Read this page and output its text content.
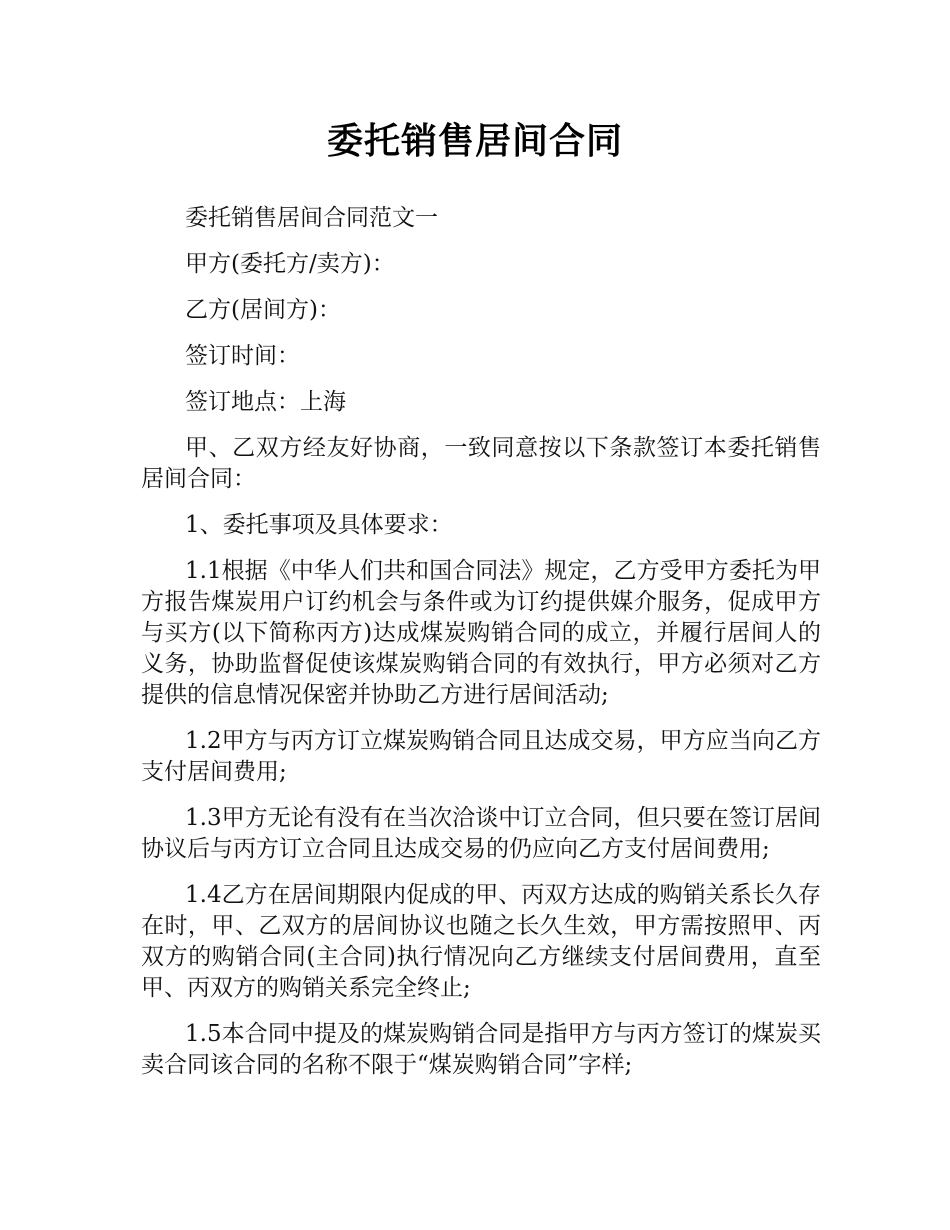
委托销售居间合同

委托销售居间合同范文一

甲方(委托方/卖方)：

乙方(居间方)：

签订时间：

签订地点：上海

甲、乙双方经友好协商，一致同意按以下条款签订本委托销售居间合同：

1、委托事项及具体要求：

1.1根据《中华人们共和国合同法》规定，乙方受甲方委托为甲方报告煤炭用户订约机会与条件或为订约提供媒介服务，促成甲方与买方(以下简称丙方)达成煤炭购销合同的成立，并履行居间人的义务，协助监督促使该煤炭购销合同的有效执行，甲方必须对乙方提供的信息情况保密并协助乙方进行居间活动;

1.2甲方与丙方订立煤炭购销合同且达成交易，甲方应当向乙方支付居间费用;

1.3甲方无论有没有在当次洽谈中订立合同，但只要在签订居间协议后与丙方订立合同且达成交易的仍应向乙方支付居间费用;

1.4乙方在居间期限内促成的甲、丙双方达成的购销关系长久存在时，甲、乙双方的居间协议也随之长久生效，甲方需按照甲、丙双方的购销合同(主合同)执行情况向乙方继续支付居间费用，直至甲、丙双方的购销关系完全终止;

1.5本合同中提及的煤炭购销合同是指甲方与丙方签订的煤炭买卖合同该合同的名称不限于“煤炭购销合同”字样;
